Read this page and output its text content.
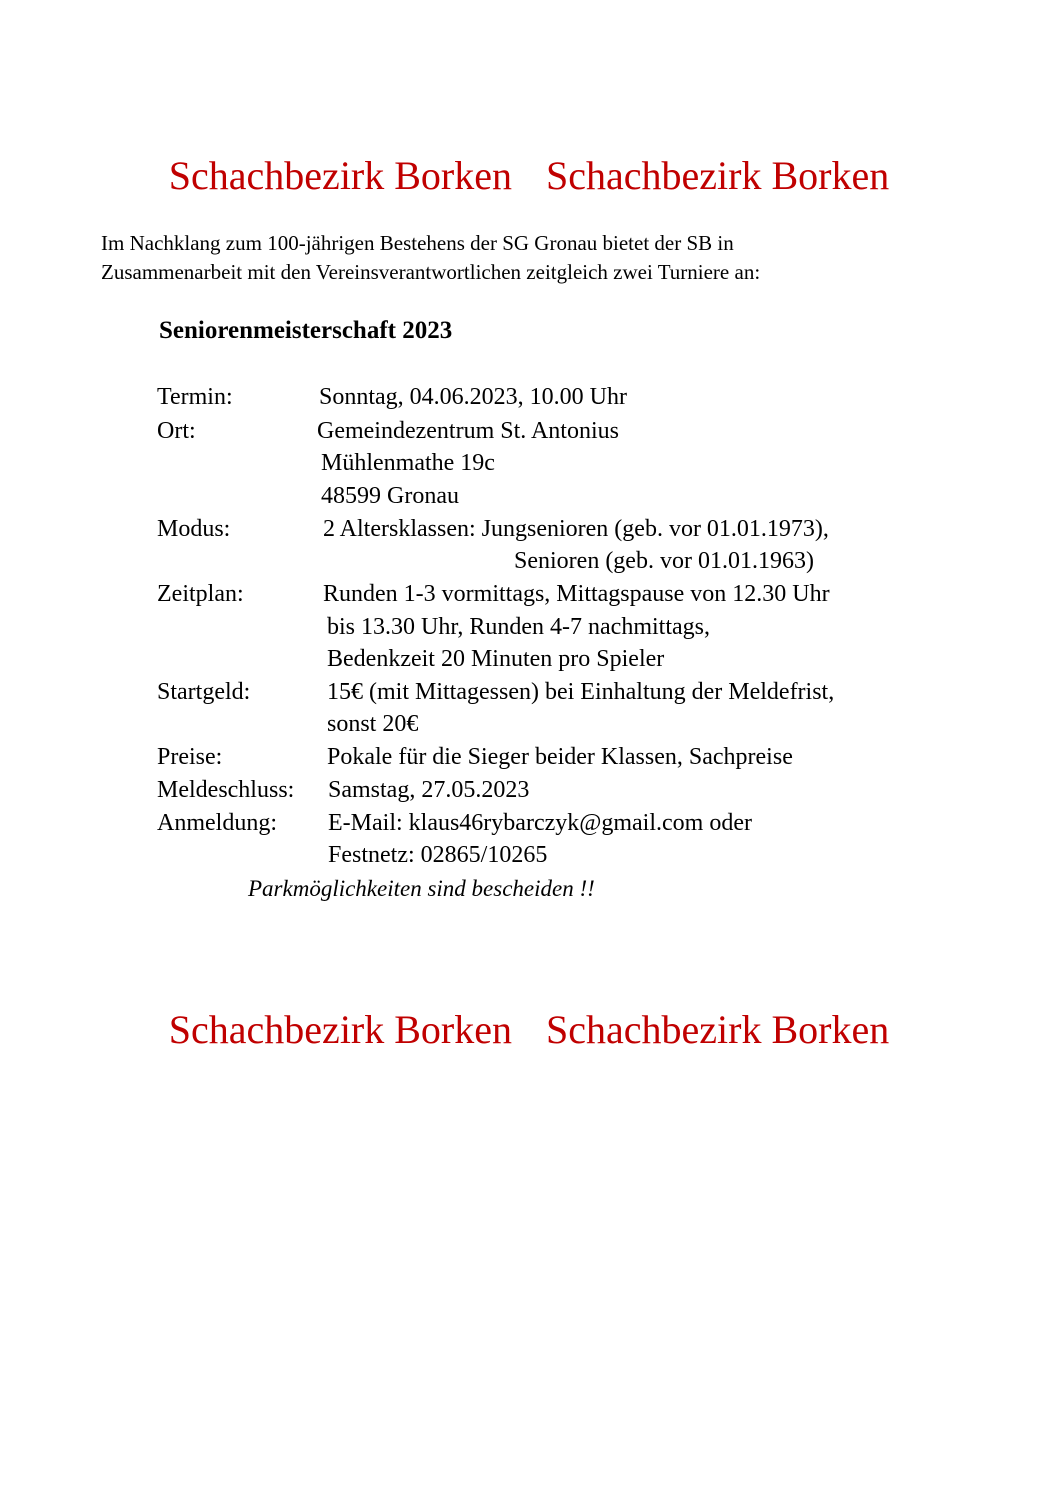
Schachbezirk Borken Schachbezirk Borken
Im Nachklang zum 100-jährigen Bestehens der SG Gronau bietet der SB in
Zusammenarbeit mit den Vereinsverantwortlichen zeitgleich zwei Turniere an:
Seniorenmeisterschaft 2023
Termin:	Sonntag, 04.06.2023, 10.00 Uhr
Ort:	Gemeindezentrum St. Antonius
Mühlenmathe 19c
48599 Gronau
Modus:	2 Altersklassen: Jungsenioren (geb. vor 01.01.1973),
Senioren (geb. vor 01.01.1963)
Zeitplan:	Runden 1-3 vormittags, Mittagspause von 12.30 Uhr
bis 13.30 Uhr, Runden 4-7 nachmittags,
Bedenkzeit 20 Minuten pro Spieler
Startgeld:	15€ (mit Mittagessen) bei Einhaltung der Meldefrist,
sonst 20€
Preise:	Pokale für die Sieger beider Klassen, Sachpreise
Meldeschluss: Samstag, 27.05.2023
Anmeldung: E-Mail: klaus46rybarczyk@gmail.com oder
Festnetz: 02865/10265
Parkmöglichkeiten sind bescheiden !!
Schachbezirk Borken Schachbezirk Borken
